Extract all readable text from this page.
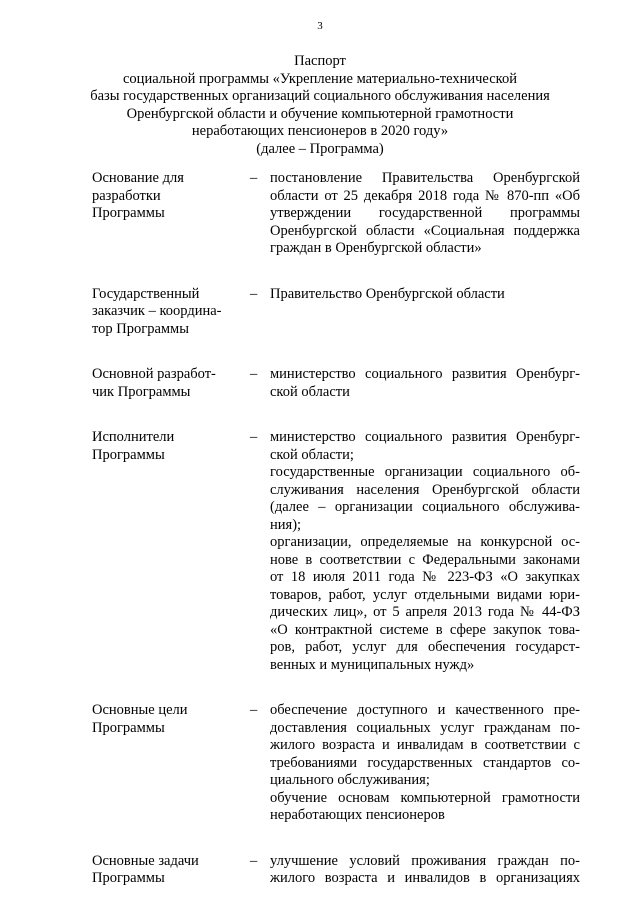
3
Паспорт
социальной программы «Укрепление материально-технической
базы государственных организаций социального обслуживания населения
Оренбургской области и обучение компьютерной грамотности
неработающих пенсионеров в 2020 году»
(далее – Программа)
Основание для
разработки
Программы
– постановление Правительства Оренбургской
области от 25 декабря 2018 года № 870-пп «Об
утверждении государственной программы
Оренбургской области «Социальная поддержка
граждан в Оренбургской области»
Государственный
заказчик – координа-
тор Программы
– Правительство Оренбургской области
Основной разработ-
чик Программы
– министерство социального развития Оренбург-
ской области
Исполнители
Программы
– министерство социального развития Оренбург-
ской области;
государственные организации социального об-
служивания населения Оренбургской области
(далее – организации социального обслужива-
ния);
организации, определяемые на конкурсной ос-
нове в соответствии с Федеральными законами
от 18 июля 2011 года № 223-ФЗ «О закупках
товаров, работ, услуг отдельными видами юри-
дических лиц», от 5 апреля 2013 года № 44-ФЗ
«О контрактной системе в сфере закупок това-
ров, работ, услуг для обеспечения государст-
венных и муниципальных нужд»
Основные цели
Программы
– обеспечение доступного и качественного пре-
доставления социальных услуг гражданам по-
жилого возраста и инвалидам в соответствии с
требованиями государственных стандартов со-
циального обслуживания;
обучение основам компьютерной грамотности
неработающих пенсионеров
Основные задачи
Программы
– улучшение условий проживания граждан по-
жилого возраста и инвалидов в организациях
